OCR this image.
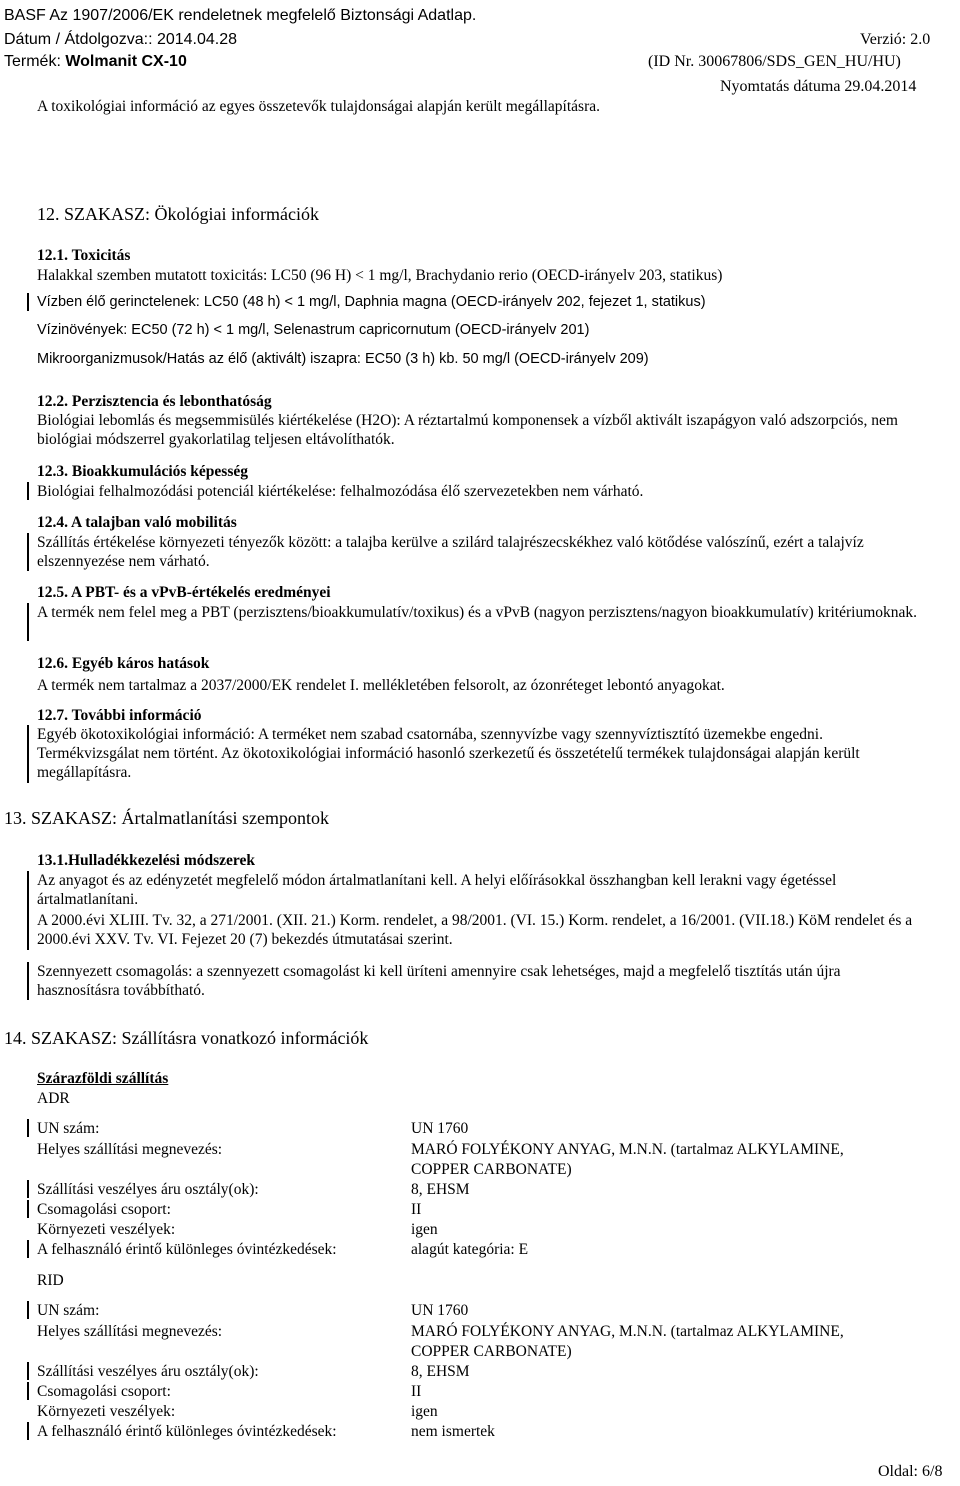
BASF Az 1907/2006/EK rendeletnek megfelelő Biztonsági Adatlap.
Dátum / Átdolgozva:: 2014.04.28	Verzió: 2.0
Termék: Wolmanit CX-10	(ID Nr. 30067806/SDS_GEN_HU/HU)
Nyomtatás dátuma 29.04.2014
A toxikológiai információ az egyes összetevők tulajdonságai alapján került megállapításra.
12. SZAKASZ: Ökológiai információk
12.1. Toxicitás
Halakkal szemben mutatott toxicitás: LC50 (96 H) < 1 mg/l, Brachydanio rerio (OECD-irányelv 203, statikus)
Vízben élő gerinctelenek: LC50 (48 h) < 1 mg/l, Daphnia magna (OECD-irányelv 202, fejezet 1, statikus)
Vízinövények: EC50 (72 h) < 1 mg/l, Selenastrum capricornutum (OECD-irányelv 201)
Mikroorganizmusok/Hatás az élő (aktivált) iszapra: EC50 (3 h) kb. 50 mg/l (OECD-irányelv 209)
12.2. Perzisztencia és lebonthatóság
Biológiai lebomlás és megsemmisülés kiértékelése (H2O): A réztartalmú komponensek a vízből aktivált iszapágyon való adszorpciós, nem biológiai módszerrel gyakorlatilag teljesen eltávolíthatók.
12.3. Bioakkumulációs képesség
Biológiai felhalmozódási potenciál kiértékelése: felhalmozódása élő szervezetekben nem várható.
12.4. A talajban való mobilitás
Szállítás értékelése környezeti tényezők között: a talajba kerülve a szilárd talajrészecskékhez való kötődése valószínű, ezért a talajvíz elszennyezése nem várható.
12.5. A PBT- és a vPvB-értékelés eredményei
A termék nem felel meg a PBT (perzisztens/bioakkumulatív/toxikus) és a vPvB (nagyon perzisztens/nagyon bioakkumulatív) kritériumoknak.
12.6. Egyéb káros hatások
A termék nem tartalmaz a 2037/2000/EK rendelet I. mellékletében felsorolt, az ózonréteget lebontó anyagokat.
12.7. További információ
Egyéb ökotoxikológiai információ: A terméket nem szabad csatornába, szennyvízbe vagy szennyvíztisztító üzemekbe engedni. Termékvizsgálat nem történt. Az ökotoxikológiai információ hasonló szerkezetű és összetételű termékek tulajdonságai alapján került megállapításra.
13. SZAKASZ: Ártalmatlanítási szempontok
13.1.Hulladékkezelési módszerek
Az anyagot és az edényzetét megfelelő módon ártalmatlanítani kell. A helyi előírásokkal összhangban kell lerakni vagy égetéssel ártalmatlanítani.
A 2000.évi XLIII. Tv. 32, a 271/2001. (XII. 21.) Korm. rendelet, a 98/2001. (VI. 15.) Korm. rendelet, a 16/2001. (VII.18.) KöM rendelet és a 2000.évi XXV. Tv. VI. Fejezet 20 (7) bekezdés útmutatásai szerint.
Szennyezett csomagolás: a szennyezett csomagolást ki kell üríteni amennyire csak lehetséges, majd a megfelelő tisztítás után újra hasznosításra továbbítható.
14. SZAKASZ: Szállításra vonatkozó információk
Szárazföldi szállítás
ADR
UN szám:	UN 1760
Helyes szállítási megnevezés:	MARÓ FOLYÉKONY ANYAG, M.N.N. (tartalmaz ALKYLAMINE,
COPPER CARBONATE)
Szállítási veszélyes áru osztály(ok):	8, EHSM
Csomagolási csoport:	II
Környezeti veszélyek:	igen
A felhasználó érintő különleges óvintézkedések:	alagút kategória: E
RID
UN szám:	UN 1760
Helyes szállítási megnevezés:	MARÓ FOLYÉKONY ANYAG, M.N.N. (tartalmaz ALKYLAMINE,
COPPER CARBONATE)
Szállítási veszélyes áru osztály(ok):	8, EHSM
Csomagolási csoport:	II
Környezeti veszélyek:	igen
A felhasználó érintő különleges óvintézkedések:	nem ismertek
Oldal: 6/8
